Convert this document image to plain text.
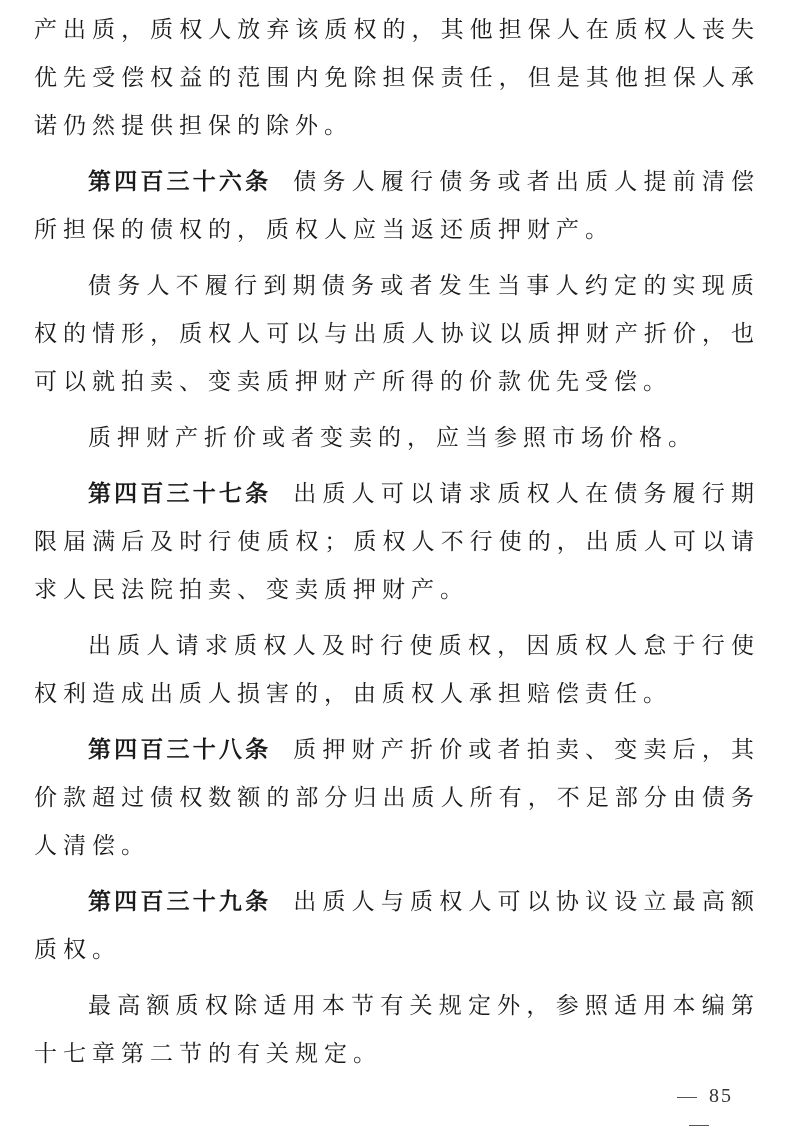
产出质，质权人放弃该质权的，其他担保人在质权人丧失优先受偿权益的范围内免除担保责任，但是其他担保人承诺仍然提供担保的除外。

第四百三十六条 债务人履行债务或者出质人提前清偿所担保的债权的，质权人应当返还质押财产。

债务人不履行到期债务或者发生当事人约定的实现质权的情形，质权人可以与出质人协议以质押财产折价，也可以就拍卖、变卖质押财产所得的价款优先受偿。

质押财产折价或者变卖的，应当参照市场价格。

第四百三十七条 出质人可以请求质权人在债务履行期限届满后及时行使质权；质权人不行使的，出质人可以请求人民法院拍卖、变卖质押财产。

出质人请求质权人及时行使质权，因质权人怠于行使权利造成出质人损害的，由质权人承担赔偿责任。

第四百三十八条 质押财产折价或者拍卖、变卖后，其价款超过债权数额的部分归出质人所有，不足部分由债务人清偿。

第四百三十九条 出质人与质权人可以协议设立最高额质权。

最高额质权除适用本节有关规定外，参照适用本编第十七章第二节的有关规定。

85
